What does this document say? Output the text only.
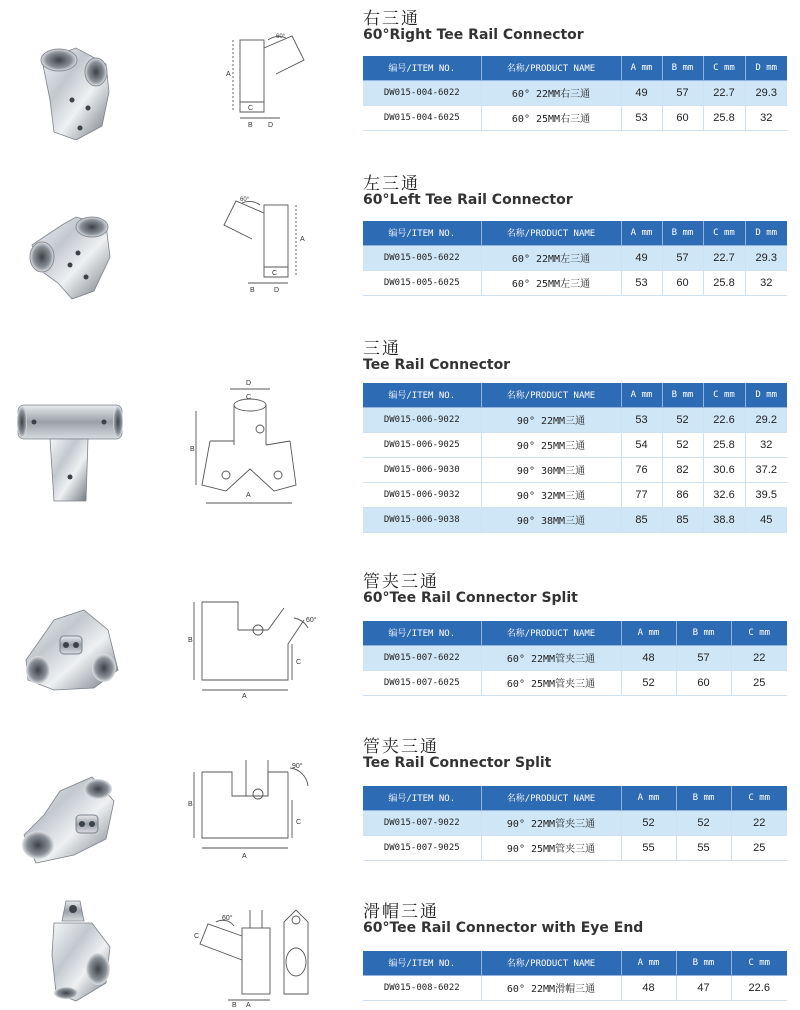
A
B
C
D
60°
右三通
60°Right Tee Rail Connector
编号/ITEM NO.	名称/PRODUCT NAME	A mm	B mm	C mm	D mm
DW015-004-6022	60° 22MM右三通	49	57	22.7	29.3
DW015-004-6025	60° 25MM右三通	53	60	25.8	32
A
B
C
D
60°
左三通
60°Left Tee Rail Connector
编号/ITEM NO.	名称/PRODUCT NAME	A mm	B mm	C mm	D mm
DW015-005-6022	60° 22MM左三通	49	57	22.7	29.3
DW015-005-6025	60° 25MM左三通	53	60	25.8	32
A
B
C
D
三通
Tee Rail Connector
编号/ITEM NO.	名称/PRODUCT NAME	A mm	B mm	C mm	D mm
DW015-006-9022	90° 22MM三通	53	52	22.6	29.2
DW015-006-9025	90° 25MM三通	54	52	25.8	32
DW015-006-9030	90° 30MM三通	76	82	30.6	37.2
DW015-006-9032	90° 32MM三通	77	86	32.6	39.5
DW015-006-9038	90° 38MM三通	85	85	38.8	45
A
B
C
60°
管夹三通
60°Tee Rail Connector Split
编号/ITEM NO.	名称/PRODUCT NAME	A mm	B mm	C mm
DW015-007-6022	60° 22MM管夹三通	48	57	22
DW015-007-6025	60° 25MM管夹三通	52	60	25
A
B
C
90°
管夹三通
Tee Rail Connector Split
编号/ITEM NO.	名称/PRODUCT NAME	A mm	B mm	C mm
DW015-007-9022	90° 22MM管夹三通	52	52	22
DW015-007-9025	90° 25MM管夹三通	55	55	25
A
B
C
60°	滑帽三通
60°Tee Rail Connector with Eye End
编号/ITEM NO.	名称/PRODUCT NAME	A mm	B mm	C mm
DW015-008-6022	60° 22MM滑帽三通	48	47	22.6
